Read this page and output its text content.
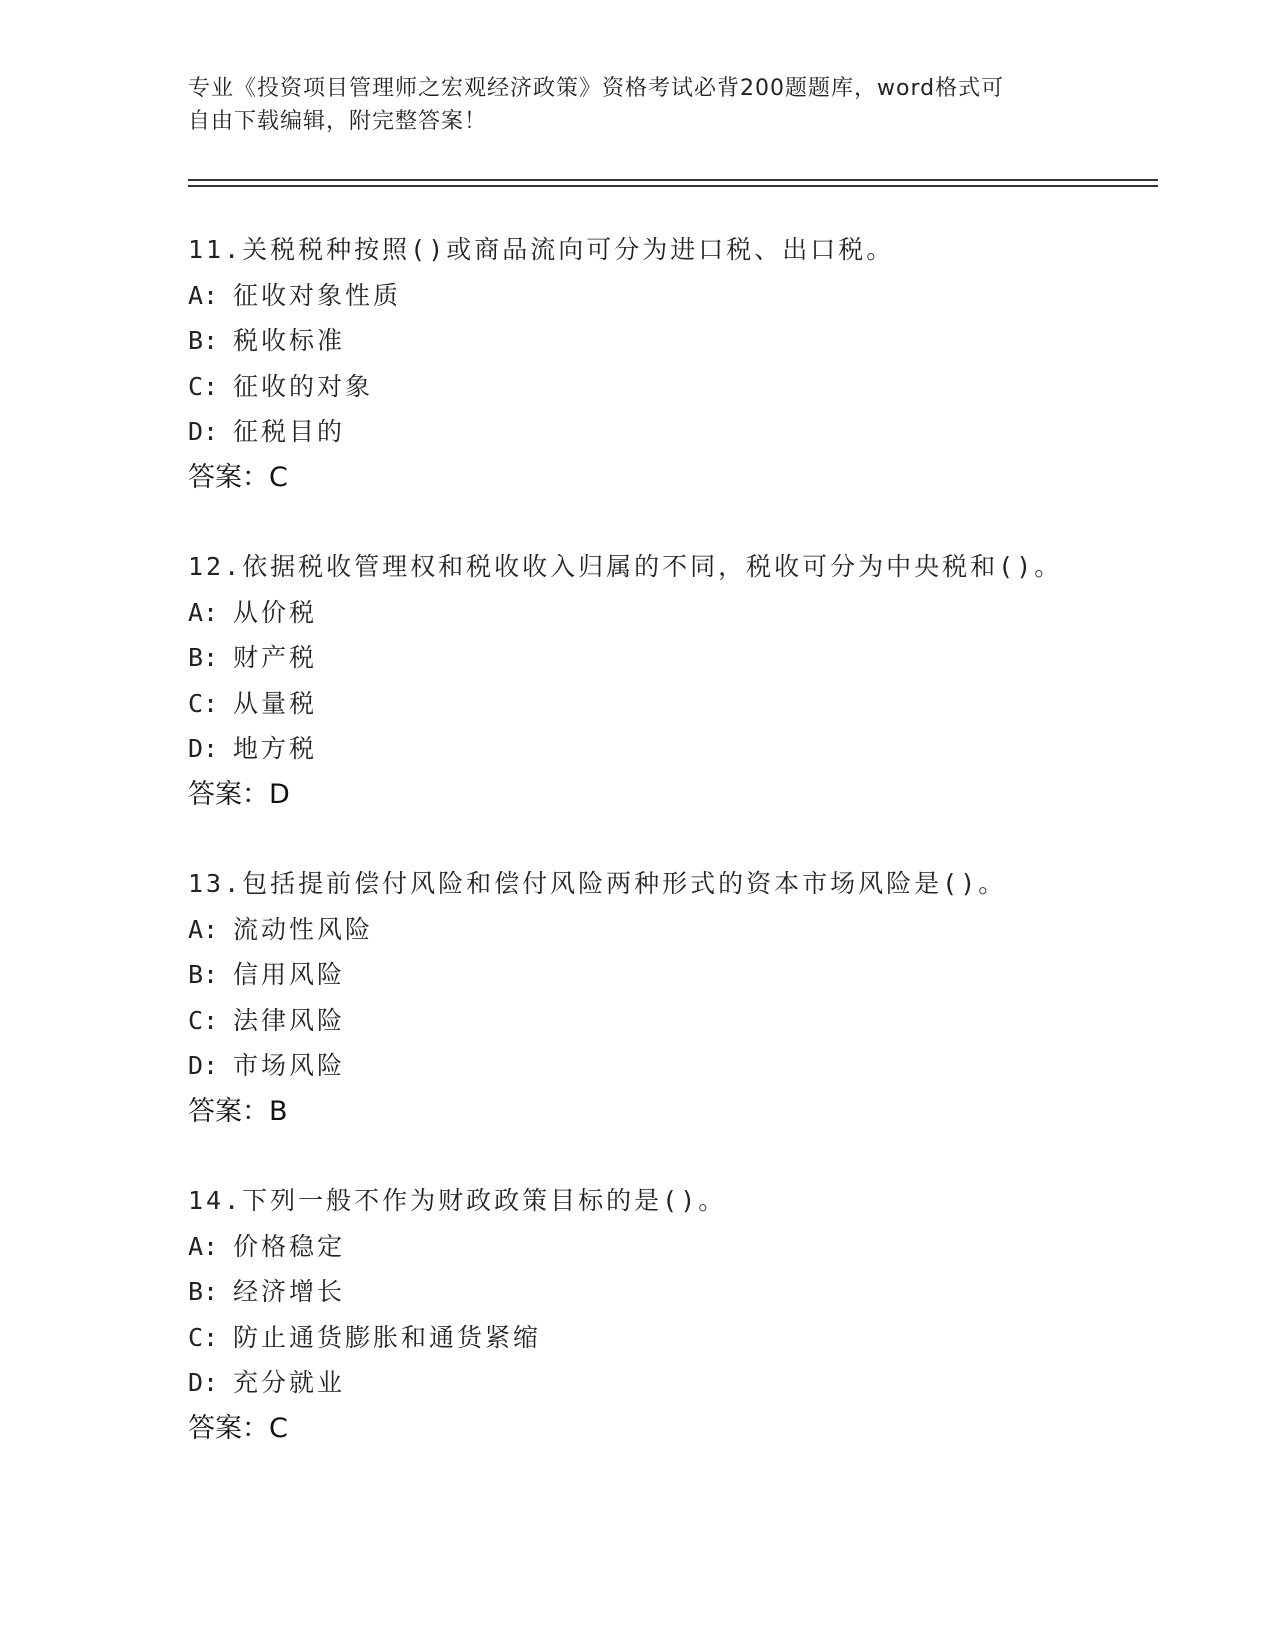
专业《投资项目管理师之宏观经济政策》资格考试必背200题题库，word格式可
自由下载编辑，附完整答案！
11.关税税种按照()或商品流向可分为进口税、出口税。
A: 征收对象性质
B: 税收标准
C: 征收的对象
D: 征税目的
答案：C
12.依据税收管理权和税收收入归属的不同，税收可分为中央税和()。
A: 从价税
B: 财产税
C: 从量税
D: 地方税
答案：D
13.包括提前偿付风险和偿付风险两种形式的资本市场风险是()。
A: 流动性风险
B: 信用风险
C: 法律风险
D: 市场风险
答案：B
14.下列一般不作为财政政策目标的是()。
A: 价格稳定
B: 经济增长
C: 防止通货膨胀和通货紧缩
D: 充分就业
答案：C
